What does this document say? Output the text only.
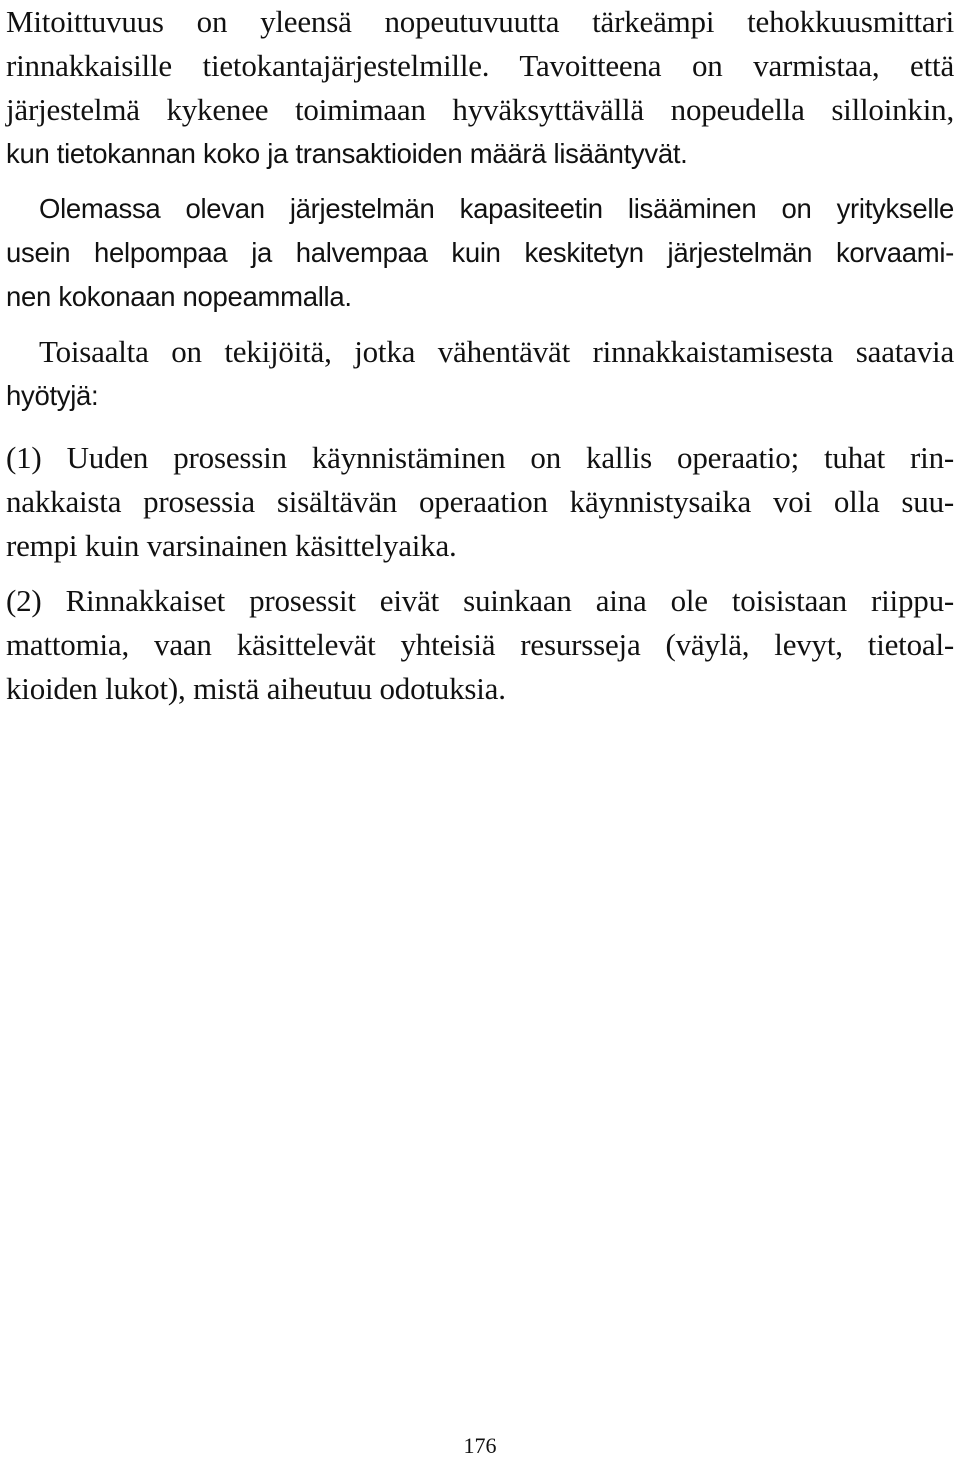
Mitoittuvuus on yleensä nopeutuvuutta tärkeämpi tehokkuusmittari
rinnakkaisille tietokantajärjestelmille. Tavoitteena on varmistaa, että
järjestelmä kykenee toimimaan hyväksyttävällä nopeudella silloinkin,
kun tietokannan koko ja transaktioiden määrä lisääntyvät.
Olemassa olevan järjestelmän kapasiteetin lisääminen on yritykselle
usein helpompaa ja halvempaa kuin keskitetyn järjestelmän korvaami-
nen kokonaan nopeammalla.
Toisaalta on tekijöitä, jotka vähentävät rinnakkaistamisesta saatavia
hyötyjä:
(1) Uuden prosessin käynnistäminen on kallis operaatio; tuhat rin-
nakkaista prosessia sisältävän operaation käynnistysaika voi olla suu-
rempi kuin varsinainen käsittelyaika.
(2) Rinnakkaiset prosessit eivät suinkaan aina ole toisistaan riippu-
mattomia, vaan käsittelevät yhteisiä resursseja (väylä, levyt, tietoal-
kioiden lukot), mistä aiheutuu odotuksia.
176
